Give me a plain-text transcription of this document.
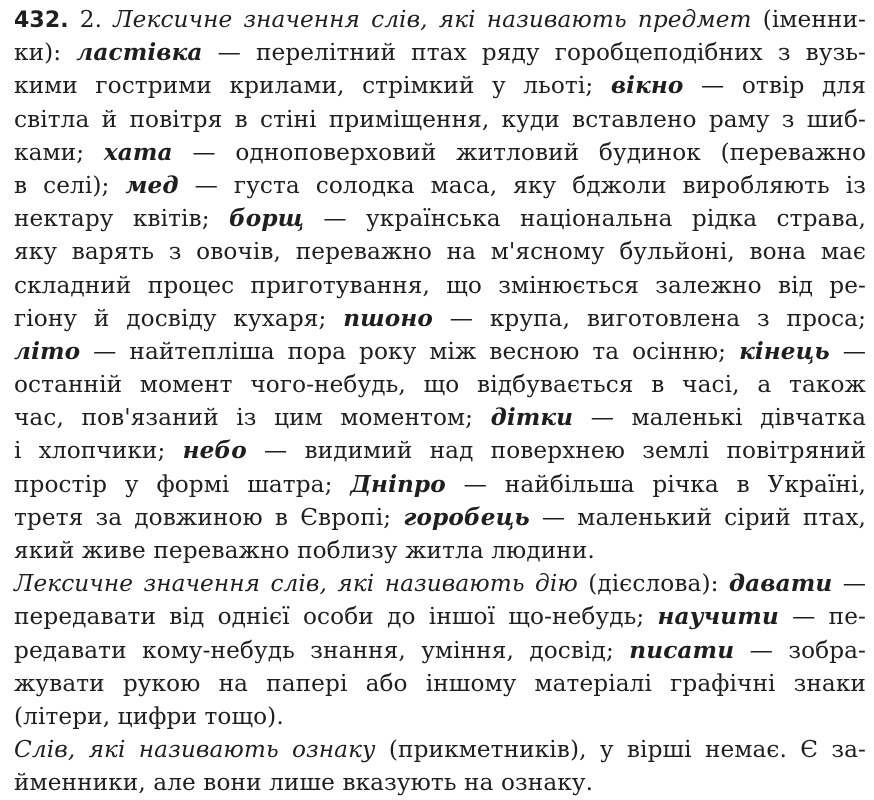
432. 2. Лексичне значення слів, які називають предмет (іменни-
ки): ластівка — перелітний птах ряду горобцеподібних з вузь-
кими гострими крилами, стрімкий у льоті; вікно — отвір для
світла й повітря в стіні приміщення, куди вставлено раму з шиб-
ками; хата — одноповерховий житловий будинок (переважно
в селі); мед — густа солодка маса, яку бджоли виробляють із
нектару квітів; борщ — українська національна рідка страва,
яку варять з овочів, переважно на м'ясному бульйоні, вона має
складний процес приготування, що змінюється залежно від ре-
гіону й досвіду кухаря; пшоно — крупа, виготовлена з проса;
літо — найтепліша пора року між весною та осінню; кінець —
останній момент чого-небудь, що відбувається в часі, а також
час, пов'язаний із цим моментом; дітки — маленькі дівчатка
і хлопчики; небо — видимий над поверхнею землі повітряний
простір у формі шатра; Дніпро — найбільша річка в Україні,
третя за довжиною в Європі; горобець — маленький сірий птах,
який живе переважно поблизу житла людини.
Лексичне значення слів, які називають дію (дієслова): давати —
передавати від однієї особи до іншої що-небудь; научити — пе-
редавати кому-небудь знання, уміння, досвід; писати — зобра-
жувати рукою на папері або іншому матеріалі графічні знаки
(літери, цифри тощо).
Слів, які називають ознаку (прикметників), у вірші немає. Є за-
йменники, але вони лише вказують на ознаку.
